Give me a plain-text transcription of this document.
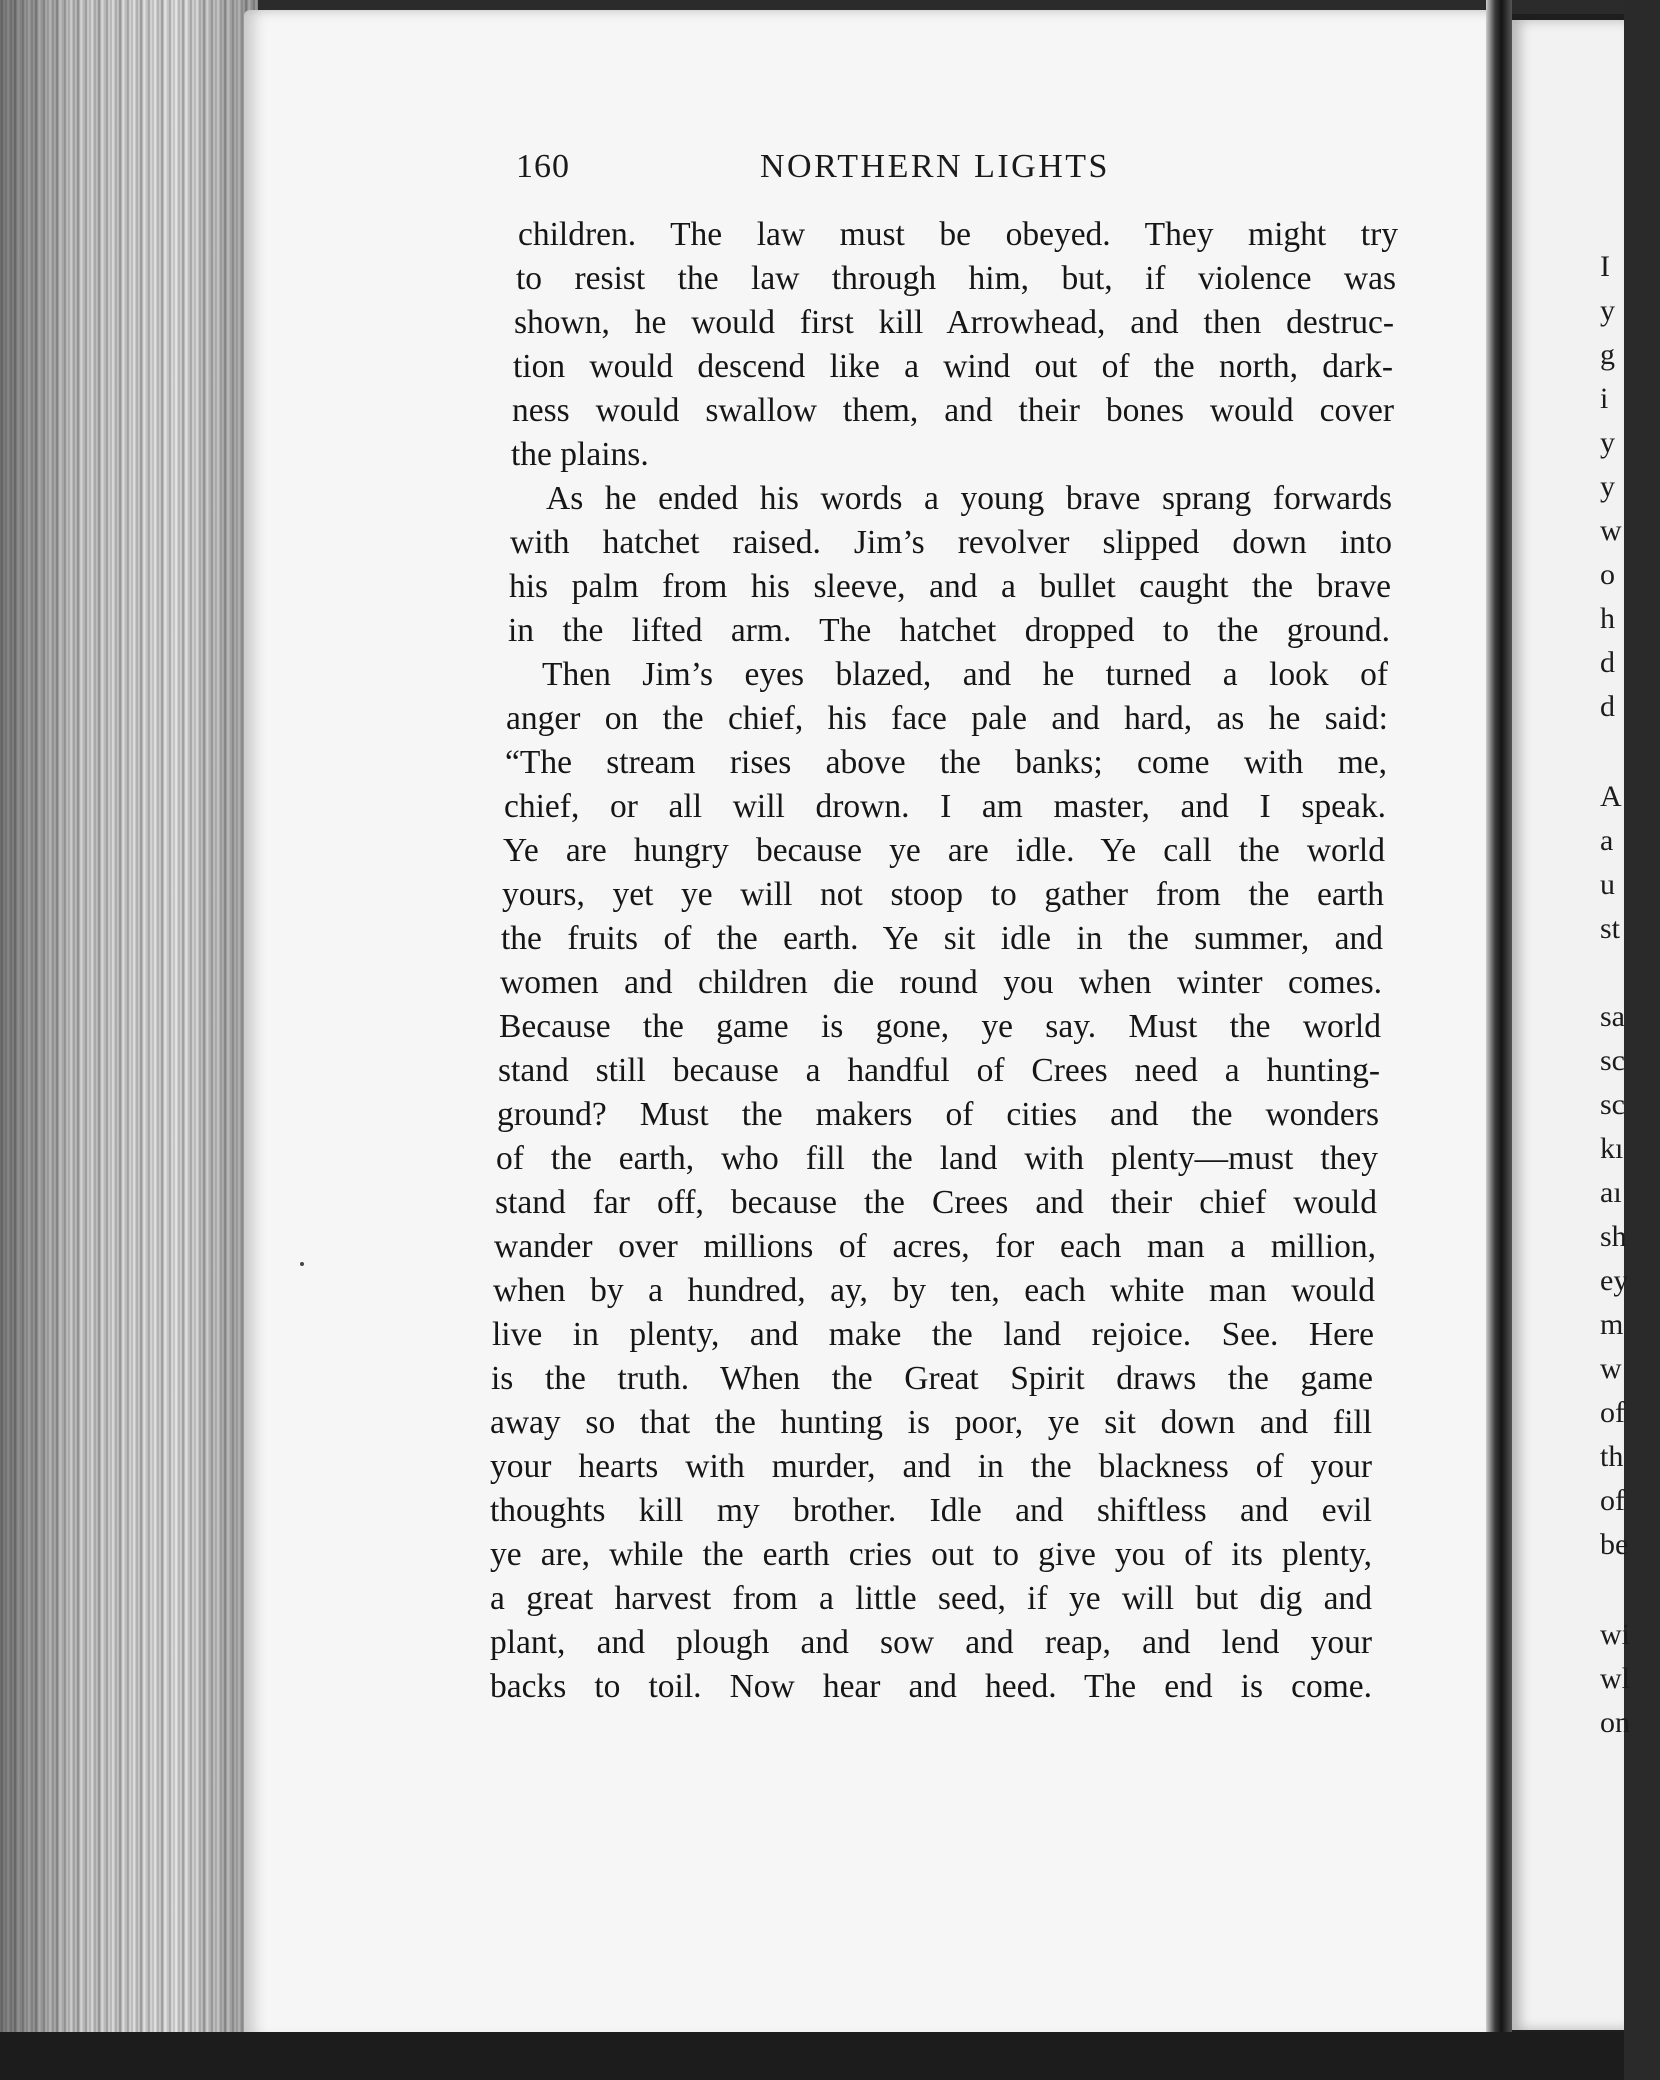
160	NORTHERN LIGHTS
children. The law must be obeyed. They might try
to resist the law through him, but, if violence was
shown, he would first kill Arrowhead, and then destruc-
tion would descend like a wind out of the north, dark-
ness would swallow them, and their bones would cover
the plains.
As he ended his words a young brave sprang forwards
with hatchet raised. Jim’s revolver slipped down into
his palm from his sleeve, and a bullet caught the brave
in the lifted arm. The hatchet dropped to the ground.
Then Jim’s eyes blazed, and he turned a look of
anger on the chief, his face pale and hard, as he said:
“The stream rises above the banks; come with me,
chief, or all will drown. I am master, and I speak.
Ye are hungry because ye are idle. Ye call the world
yours, yet ye will not stoop to gather from the earth
the fruits of the earth. Ye sit idle in the summer, and
women and children die round you when winter comes.
Because the game is gone, ye say. Must the world
stand still because a handful of Crees need a hunting-
ground? Must the makers of cities and the wonders
of the earth, who fill the land with plenty—must they
stand far off, because the Crees and their chief would
wander over millions of acres, for each man a million,
when by a hundred, ay, by ten, each white man would
live in plenty, and make the land rejoice. See. Here
is the truth. When the Great Spirit draws the game
away so that the hunting is poor, ye sit down and fill
your hearts with murder, and in the blackness of your
thoughts kill my brother. Idle and shiftless and evil
ye are, while the earth cries out to give you of its plenty,
a great harvest from a little seed, if ye will but dig and
plant, and plough and sow and reap, and lend your
backs to toil. Now hear and heed. The end is come.
I
y
g
i
y
y
w
o
h
d
d
A
a
u
st
sa
sc
sc
kı
aı
sh
ey
m
w
of
th
of
be
wi
wl
on
